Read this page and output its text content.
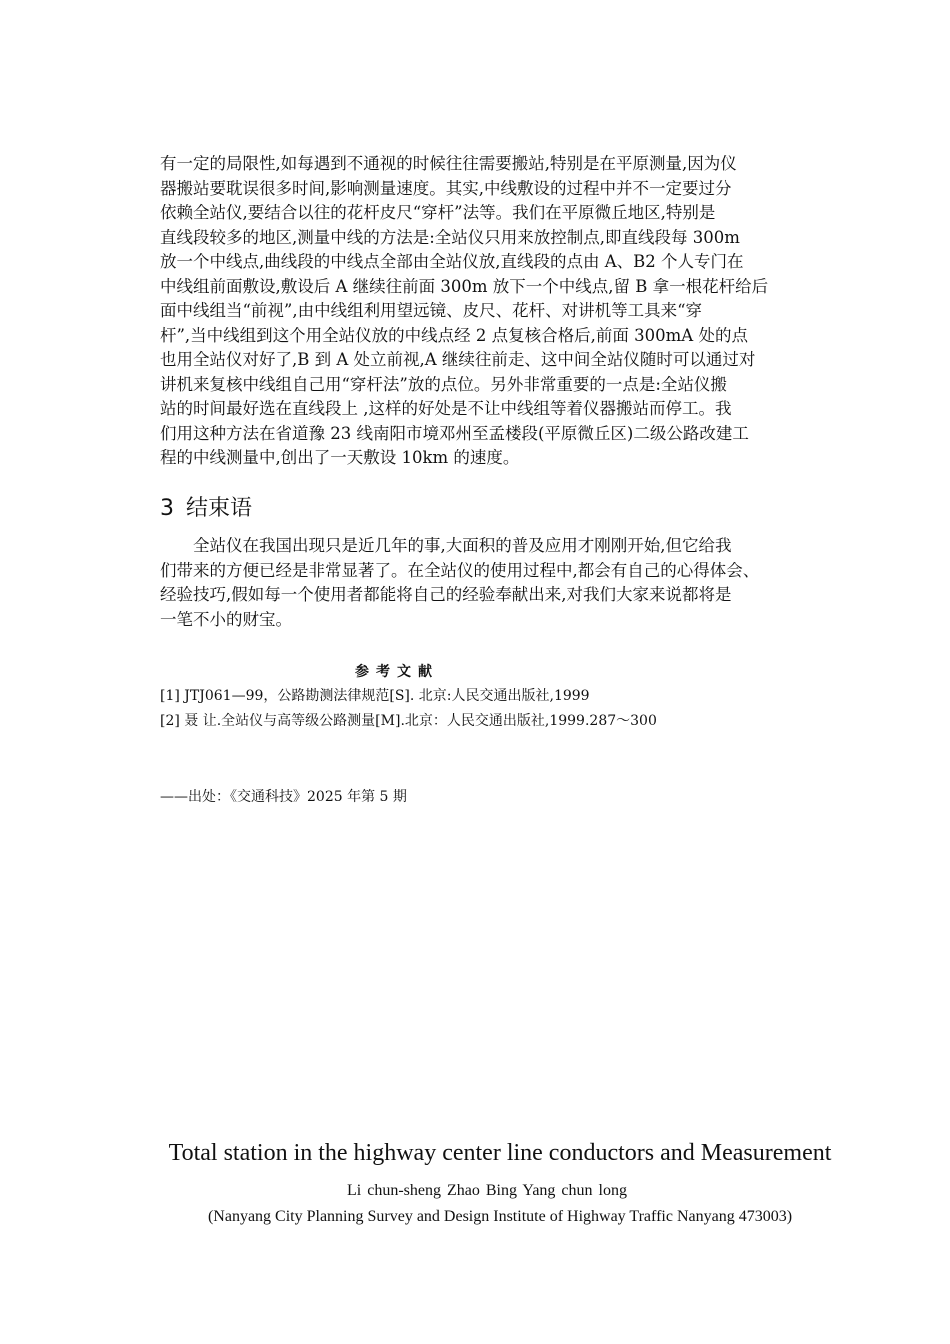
有一定的局限性,如每遇到不通视的时候往往需要搬站,特别是在平原测量,因为仪
器搬站要耽误很多时间,影响测量速度。其实,中线敷设的过程中并不一定要过分
依赖全站仪,要结合以往的花杆皮尺“穿杆”法等。我们在平原微丘地区,特别是
直线段较多的地区,测量中线的方法是:全站仪只用来放控制点,即直线段每 300m
放一个中线点,曲线段的中线点全部由全站仪放,直线段的点由 A、B2 个人专门在
中线组前面敷设,敷设后 A 继续往前面 300m 放下一个中线点,留 B 拿一根花杆给后
面中线组当“前视”,由中线组利用望远镜、皮尺、花杆、对讲机等工具来“穿
杆”,当中线组到这个用全站仪放的中线点经 2 点复核合格后,前面 300mA 处的点
也用全站仪对好了,B 到 A 处立前视,A 继续往前走、这中间全站仪随时可以通过对
讲机来复核中线组自己用“穿杆法”放的点位。另外非常重要的一点是:全站仪搬
站的时间最好选在直线段上 ,这样的好处是不让中线组等着仪器搬站而停工。我
们用这种方法在省道豫 23 线南阳市境邓州至孟楼段(平原微丘区)二级公路改建工
程的中线测量中,创出了一天敷设 10km 的速度。
3 结束语
全站仪在我国出现只是近几年的事,大面积的普及应用才刚刚开始,但它给我
们带来的方便已经是非常显著了。在全站仪的使用过程中,都会有自己的心得体会、
经验技巧,假如每一个使用者都能将自己的经验奉献出来,对我们大家来说都将是
一笔不小的财宝。
参考文献
[1] JTJ061—99，公路勘测法律规范[S]. 北京:人民交通出版社,1999
[2] 聂 让.全站仪与高等级公路测量[M].北京：人民交通出版社,1999.287～300
——出处：《交通科技》2025 年第 5 期
Total station in the highway center line conductors and Measurement
Li chun-sheng Zhao Bing Yang chun long
(Nanyang City Planning Survey and Design Institute of Highway Traffic Nanyang 473003)
